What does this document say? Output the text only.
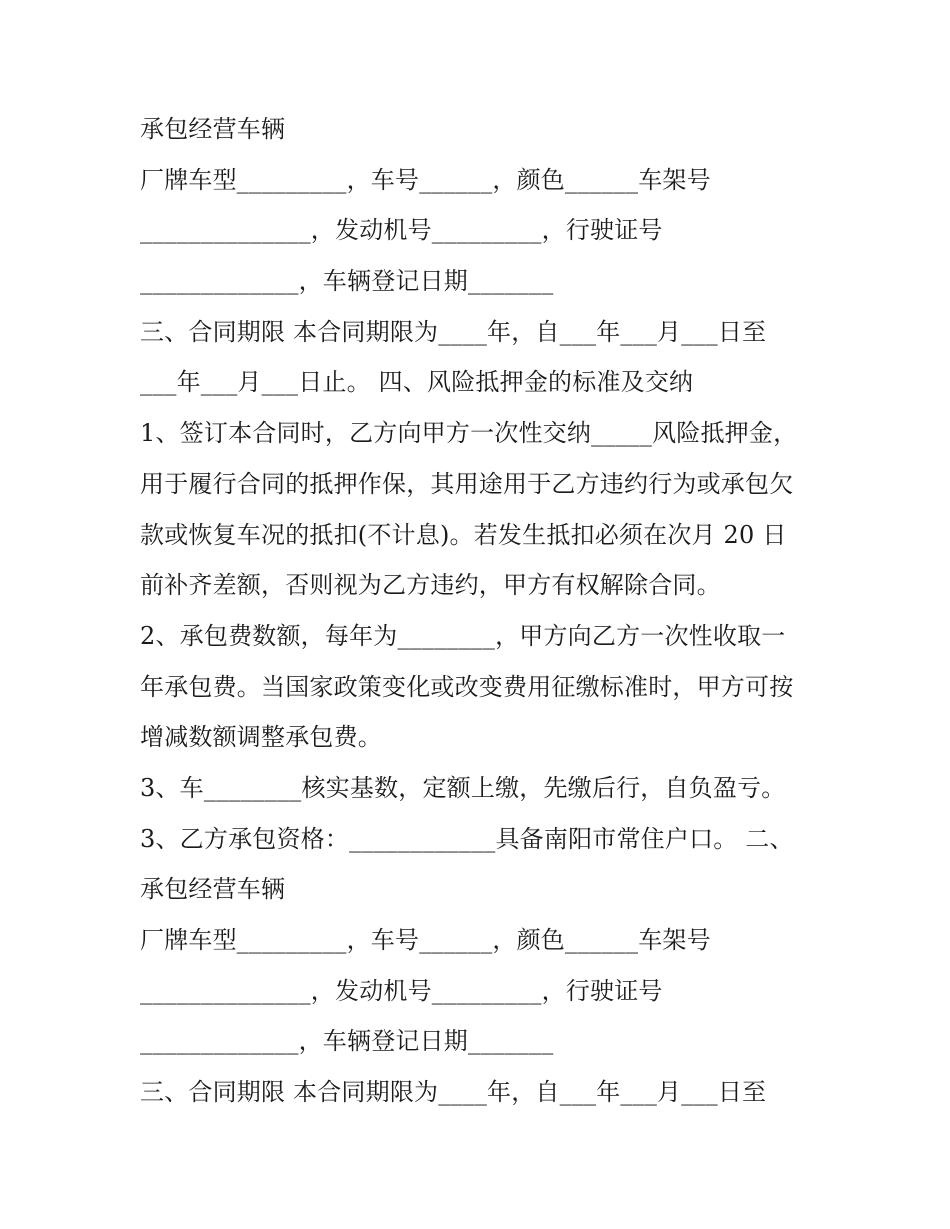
承包经营车辆
厂牌车型_________，车号______，颜色______车架号
______________，发动机号_________，行驶证号
_____________，车辆登记日期_______
三、合同期限 本合同期限为____年，自___年___月___日至
___年___月___日止。 四、风险抵押金的标准及交纳
1、签订本合同时，乙方向甲方一次性交纳_____风险抵押金，
用于履行合同的抵押作保，其用途用于乙方违约行为或承包欠
款或恢复车况的抵扣(不计息)。若发生抵扣必须在次月 20 日
前补齐差额，否则视为乙方违约，甲方有权解除合同。
2、承包费数额，每年为________，甲方向乙方一次性收取一
年承包费。当国家政策变化或改变费用征缴标准时，甲方可按
增减数额调整承包费。
3、车________核实基数，定额上缴，先缴后行，自负盈亏。
3、乙方承包资格：____________具备南阳市常住户口。 二、
承包经营车辆
厂牌车型_________，车号______，颜色______车架号
______________，发动机号_________，行驶证号
_____________，车辆登记日期_______
三、合同期限 本合同期限为____年，自___年___月___日至
